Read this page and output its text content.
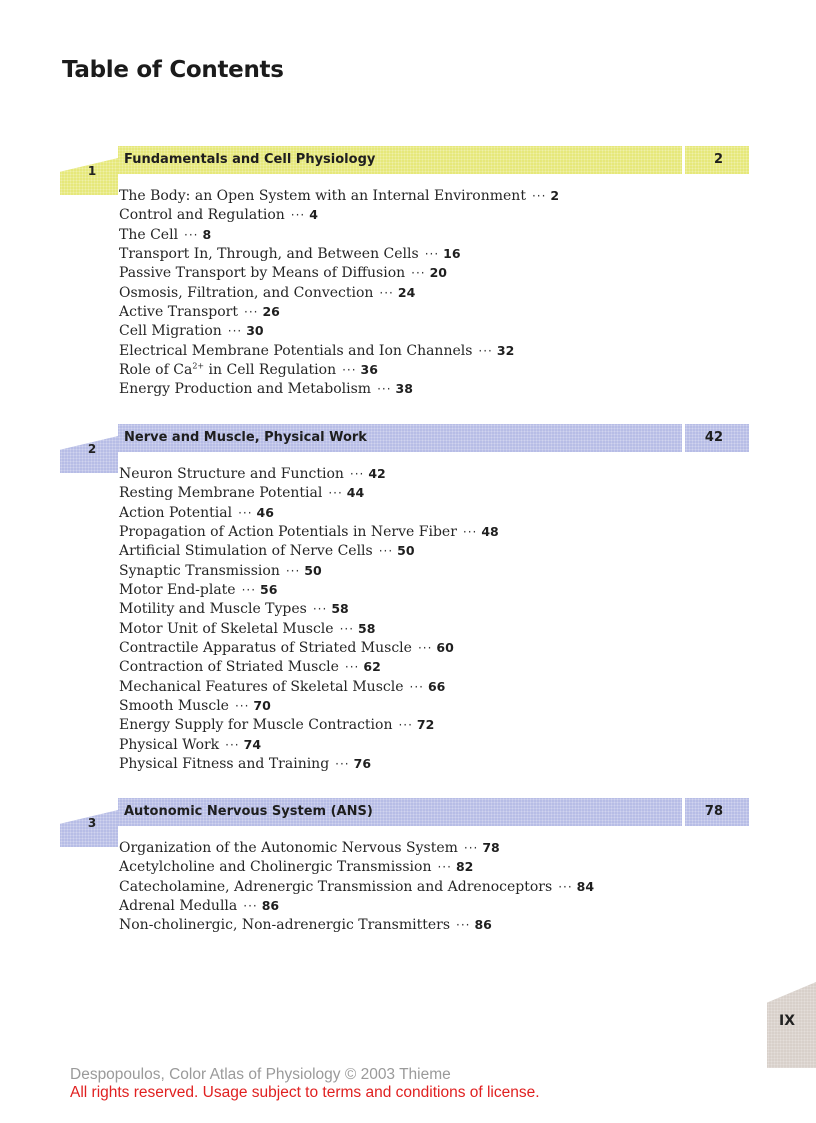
Table of Contents
1
Fundamentals and Cell Physiology	2
The Body: an Open System with an Internal Environment ··· 2
Control and Regulation ··· 4
The Cell ··· 8
Transport In, Through, and Between Cells ··· 16
Passive Transport by Means of Diffusion ··· 20
Osmosis, Filtration, and Convection ··· 24
Active Transport ··· 26
Cell Migration ··· 30
Electrical Membrane Potentials and Ion Channels ··· 32
Role of $Ca^{2+}$ in Cell Regulation ··· 36
Energy Production and Metabolism ··· 38
2
Nerve and Muscle, Physical Work	42
Neuron Structure and Function ··· 42
Resting Membrane Potential ··· 44
Action Potential ··· 46
Propagation of Action Potentials in Nerve Fiber ··· 48
Artificial Stimulation of Nerve Cells ··· 50
Synaptic Transmission ··· 50
Motor End-plate ··· 56
Motility and Muscle Types ··· 58
Motor Unit of Skeletal Muscle ··· 58
Contractile Apparatus of Striated Muscle ··· 60
Contraction of Striated Muscle ··· 62
Mechanical Features of Skeletal Muscle ··· 66
Smooth Muscle ··· 70
Energy Supply for Muscle Contraction ··· 72
Physical Work ··· 74
Physical Fitness and Training ··· 76
3
Autonomic Nervous System (ANS)	78
Organization of the Autonomic Nervous System ··· 78
Acetylcholine and Cholinergic Transmission ··· 82
Catecholamine, Adrenergic Transmission and Adrenoceptors ··· 84
Adrenal Medulla ··· 86
Non-cholinergic, Non-adrenergic Transmitters ··· 86
IX
Despopoulos, Color Atlas of Physiology © 2003 Thieme
All rights reserved. Usage subject to terms and conditions of license.
